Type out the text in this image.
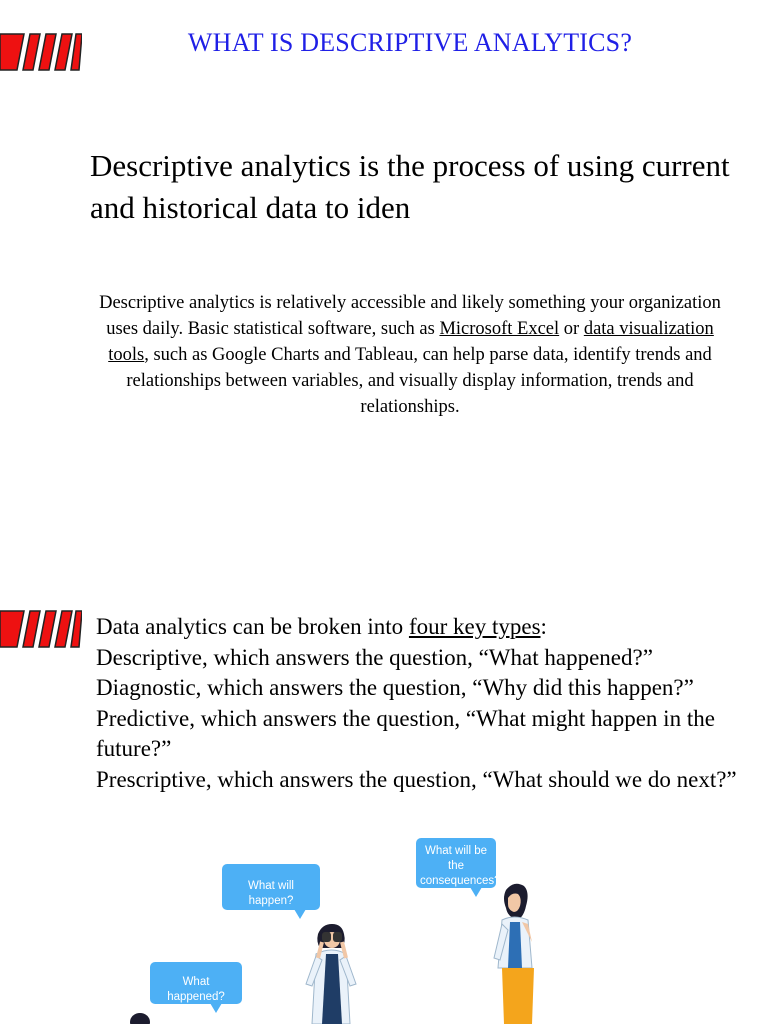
WHAT IS DESCRIPTIVE ANALYTICS?
Descriptive analytics is the process of using current and historical data to iden
Descriptive analytics is relatively accessible and likely something your organization uses daily. Basic statistical software, such as Microsoft Excel or data visualization tools, such as Google Charts and Tableau, can help parse data, identify trends and relationships between variables, and visually display information, trends and relationships.

Data analytics can be broken into four key types:

Descriptive, which answers the question, “What happened?”

Diagnostic, which answers the question, “Why did this happen?”

Predictive, which answers the question, “What might happen in the future?”

Prescriptive, which answers the question, “What should we do next?”

What will be the consequences?
What will happen?
What happened?
